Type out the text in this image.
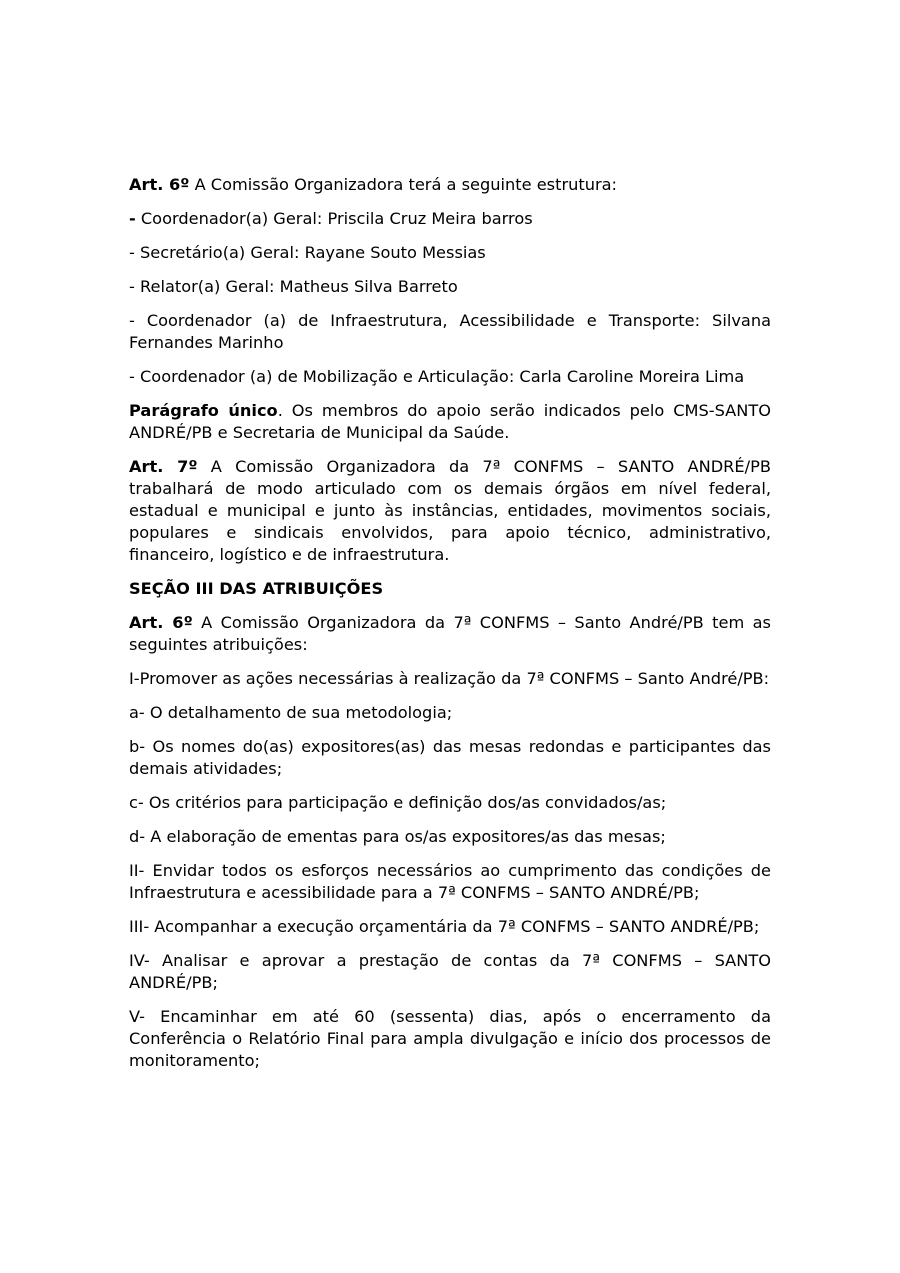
Art. 6º A Comissão Organizadora terá a seguinte estrutura:

- Coordenador(a) Geral: Priscila Cruz Meira barros

- Secretário(a) Geral: Rayane Souto Messias

- Relator(a) Geral: Matheus Silva Barreto

- Coordenador (a) de Infraestrutura, Acessibilidade e Transporte: Silvana Fernandes Marinho

- Coordenador (a) de Mobilização e Articulação: Carla Caroline Moreira Lima

Parágrafo único. Os membros do apoio serão indicados pelo CMS-SANTO ANDRÉ/PB e Secretaria de Municipal da Saúde.

Art. 7º A Comissão Organizadora da 7ª CONFMS – SANTO ANDRÉ/PB trabalhará de modo articulado com os demais órgãos em nível federal, estadual e municipal e junto às instâncias, entidades, movimentos sociais, populares e sindicais envolvidos, para apoio técnico, administrativo, financeiro, logístico e de infraestrutura.

SEÇÃO III DAS ATRIBUIÇÕES

Art. 6º A Comissão Organizadora da 7ª CONFMS – Santo André/PB tem as seguintes atribuições:

I-Promover as ações necessárias à realização da 7ª CONFMS – Santo André/PB:

a- O detalhamento de sua metodologia;

b- Os nomes do(as) expositores(as) das mesas redondas e participantes das demais atividades;

c- Os critérios para participação e definição dos/as convidados/as;

d- A elaboração de ementas para os/as expositores/as das mesas;

II- Envidar todos os esforços necessários ao cumprimento das condições de Infraestrutura e acessibilidade para a 7ª CONFMS – SANTO ANDRÉ/PB;

III- Acompanhar a execução orçamentária da 7ª CONFMS – SANTO ANDRÉ/PB;

IV- Analisar e aprovar a prestação de contas da 7ª CONFMS – SANTO ANDRÉ/PB;

V- Encaminhar em até 60 (sessenta) dias, após o encerramento da Conferência o Relatório Final para ampla divulgação e início dos processos de monitoramento;
